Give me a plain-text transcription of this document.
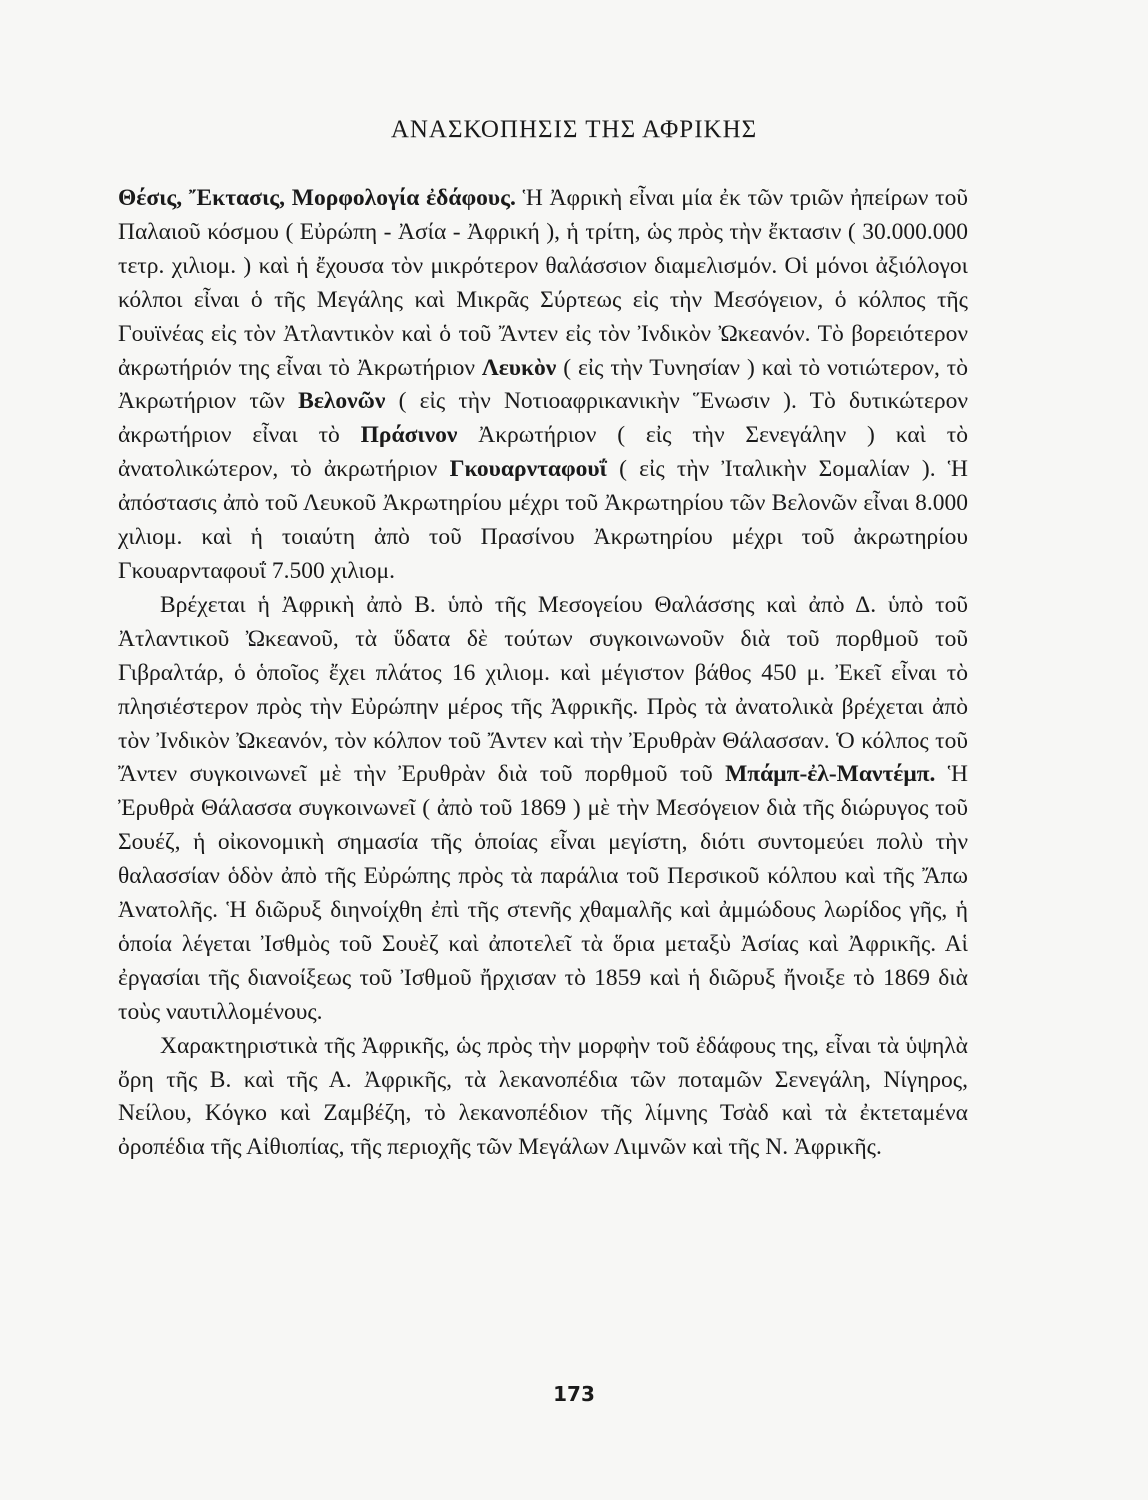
ΑΝΑΣΚΟΠΗΣΙΣ ΤΗΣ ΑΦΡΙΚΗΣ

Θέσις, Ἔκτασις, Μορφολογία ἐδάφους. Ἡ Ἀφρικὴ εἶναι μία ἐκ τῶν τριῶν ἠπείρων τοῦ Παλαιοῦ κόσμου ( Εὐρώπη - Ἀσία - Ἀφρική ), ἡ τρίτη, ὡς πρὸς τὴν ἔκτασιν ( 30.000.000 τετρ. χιλιομ. ) καὶ ἡ ἔχουσα τὸν μικρότερον θαλάσσιον διαμελισμόν. Οἱ μόνοι ἀξιόλογοι κόλποι εἶναι ὁ τῆς Μεγάλης καὶ Μικρᾶς Σύρτεως εἰς τὴν Μεσόγειον, ὁ κόλπος τῆς Γουϊνέας εἰς τὸν Ἀτλαντικὸν καὶ ὁ τοῦ Ἄντεν εἰς τὸν Ἰνδικὸν Ὠκεανόν. Τὸ βορειότερον ἀκρωτήριόν της εἶναι τὸ Ἀκρωτήριον Λευκὸν ( εἰς τὴν Τυνησίαν ) καὶ τὸ νοτιώτερον, τὸ Ἀκρωτήριον τῶν Βελονῶν ( εἰς τὴν Νοτιοαφρικανικὴν Ἕνωσιν ). Τὸ δυτικώτερον ἀκρωτήριον εἶναι τὸ Πράσινον Ἀκρωτήριον ( εἰς τὴν Σενεγάλην ) καὶ τὸ ἀνατολικώτερον, τὸ ἀκρωτήριον Γκουαρνταφουΐ ( εἰς τὴν Ἰταλικὴν Σομαλίαν ). Ἡ ἀπόστασις ἀπὸ τοῦ Λευκοῦ Ἀκρωτηρίου μέχρι τοῦ Ἀκρωτηρίου τῶν Βελονῶν εἶναι 8.000 χιλιομ. καὶ ἡ τοιαύτη ἀπὸ τοῦ Πρασίνου Ἀκρωτηρίου μέχρι τοῦ ἀκρωτηρίου Γκουαρνταφουΐ 7.500 χιλιομ.

Βρέχεται ἡ Ἀφρικὴ ἀπὸ Β. ὑπὸ τῆς Μεσογείου Θαλάσσης καὶ ἀπὸ Δ. ὑπὸ τοῦ Ἀτλαντικοῦ Ὠκεανοῦ, τὰ ὕδατα δὲ τούτων συγκοινωνοῦν διὰ τοῦ πορθμοῦ τοῦ Γιβραλτάρ, ὁ ὁποῖος ἔχει πλάτος 16 χιλιομ. καὶ μέγιστον βάθος 450 μ. Ἐκεῖ εἶναι τὸ πλησιέστερον πρὸς τὴν Εὐρώπην μέρος τῆς Ἀφρικῆς. Πρὸς τὰ ἀνατολικὰ βρέχεται ἀπὸ τὸν Ἰνδικὸν Ὠκεανόν, τὸν κόλπον τοῦ Ἄντεν καὶ τὴν Ἐρυθρὰν Θάλασσαν. Ὁ κόλπος τοῦ Ἄντεν συγκοινωνεῖ μὲ τὴν Ἐρυθρὰν διὰ τοῦ πορθμοῦ τοῦ Μπάμπ-ἐλ-Μαντέμπ. Ἡ Ἐρυθρὰ Θάλασσα συγκοινωνεῖ ( ἀπὸ τοῦ 1869 ) μὲ τὴν Μεσόγειον διὰ τῆς διώρυγος τοῦ Σουέζ, ἡ οἰκονομικὴ σημασία τῆς ὁποίας εἶναι μεγίστη, διότι συντομεύει πολὺ τὴν θαλασσίαν ὁδὸν ἀπὸ τῆς Εὐρώπης πρὸς τὰ παράλια τοῦ Περσικοῦ κόλπου καὶ τῆς Ἄπω Ἀνατολῆς. Ἡ διῶρυξ διηνοίχθη ἐπὶ τῆς στενῆς χθαμαλῆς καὶ ἀμμώδους λωρίδος γῆς, ἡ ὁποία λέγεται Ἰσθμὸς τοῦ Σουὲζ καὶ ἀποτελεῖ τὰ ὅρια μεταξὺ Ἀσίας καὶ Ἀφρικῆς. Αἱ ἐργασίαι τῆς διανοίξεως τοῦ Ἰσθμοῦ ἤρχισαν τὸ 1859 καὶ ἡ διῶρυξ ἤνοιξε τὸ 1869 διὰ τοὺς ναυτιλλομένους.

Χαρακτηριστικὰ τῆς Ἀφρικῆς, ὡς πρὸς τὴν μορφὴν τοῦ ἐδάφους της, εἶναι τὰ ὑψηλὰ ὄρη τῆς Β. καὶ τῆς Α. Ἀφρικῆς, τὰ λεκανοπέδια τῶν ποταμῶν Σενεγάλη, Νίγηρος, Νείλου, Κόγκο καὶ Ζαμβέζη, τὸ λεκανοπέδιον τῆς λίμνης Τσὰδ καὶ τὰ ἐκτεταμένα ὀροπέδια τῆς Αἰθιοπίας, τῆς περιοχῆς τῶν Μεγάλων Λιμνῶν καὶ τῆς Ν. Ἀφρικῆς.

173
